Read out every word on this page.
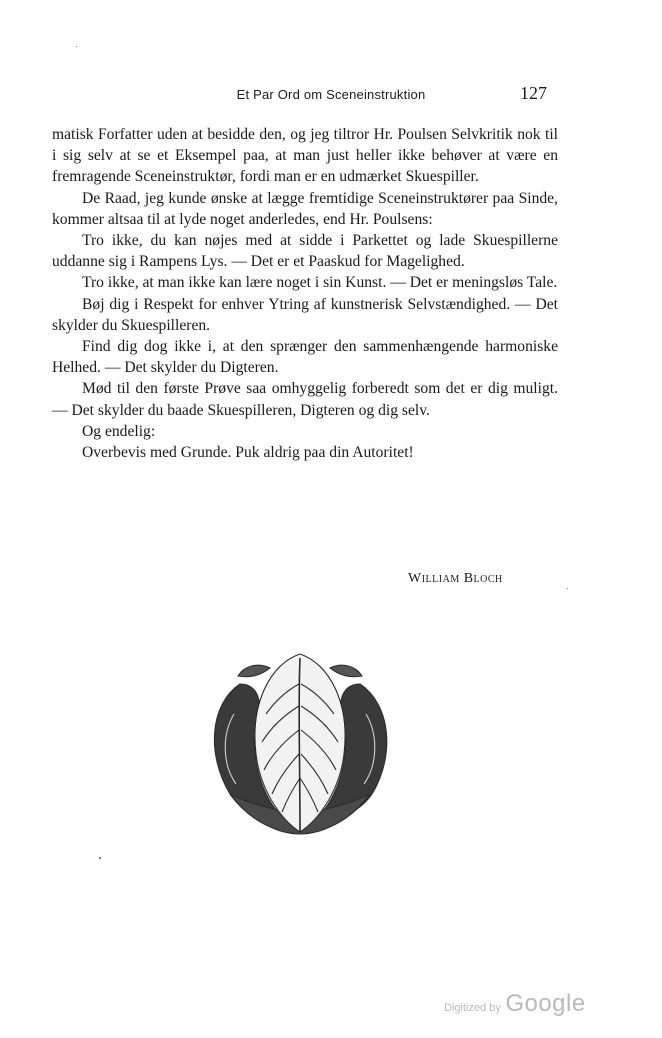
Et Par Ord om Sceneinstruktion	127

matisk Forfatter uden at besidde den, og jeg tiltror Hr. Poulsen Selvkritik nok til i sig selv at se et Eksempel paa, at man just heller ikke behøver at være en fremragende Sceneinstruktør, fordi man er en udmærket Skuespiller.

De Raad, jeg kunde ønske at lægge fremtidige Sceneinstruktører paa Sinde, kommer altsaa til at lyde noget anderledes, end Hr. Poulsens:

Tro ikke, du kan nøjes med at sidde i Parkettet og lade Skuespillerne uddanne sig i Rampens Lys. — Det er et Paaskud for Magelighed.

Tro ikke, at man ikke kan lære noget i sin Kunst. — Det er meningsløs Tale.

Bøj dig i Respekt for enhver Ytring af kunstnerisk Selvstændighed. — Det skylder du Skuespilleren.

Find dig dog ikke i, at den sprænger den sammenhængende harmoniske Helhed. — Det skylder du Digteren.

Mød til den første Prøve saa omhyggelig forberedt som det er dig muligt. — Det skylder du baade Skuespilleren, Digteren og dig selv.

Og endelig:

Overbevis med Grunde. Puk aldrig paa din Autoritet!

William Bloch
Digitized by Google
